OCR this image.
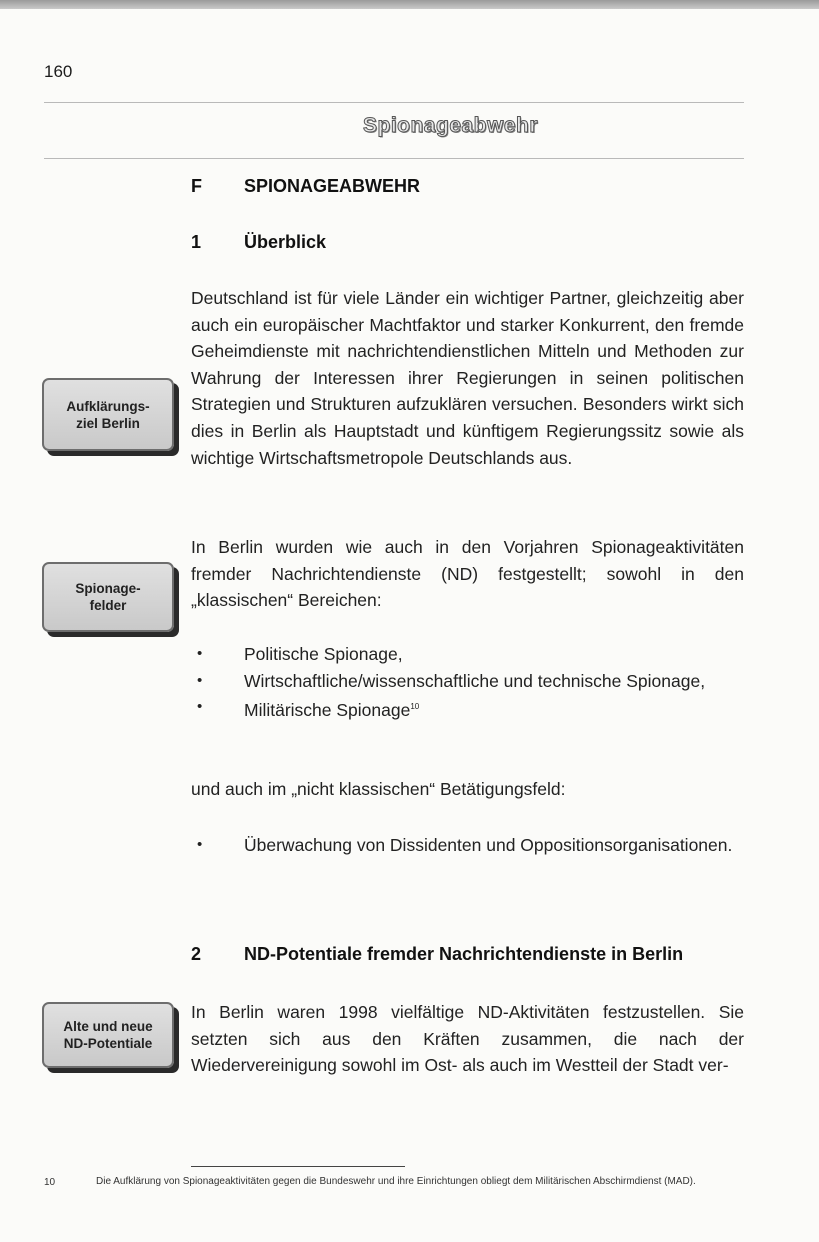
160
Spionageabwehr
F SPIONAGEABWEHR
1 Überblick

Deutschland ist für viele Länder ein wichtiger Partner, gleichzeitig aber auch ein europäischer Machtfaktor und starker Konkurrent, den fremde Geheimdienste mit nachrichtendienstlichen Mitteln und Methoden zur Wahrung der Interessen ihrer Regierungen in seinen politischen Strategien und Strukturen aufzuklären versuchen. Besonders wirkt sich dies in Berlin als Hauptstadt und künftigem Regierungssitz sowie als wichtige Wirtschaftsmetropole Deutschlands aus.

Aufklärungs-
ziel Berlin

In Berlin wurden wie auch in den Vorjahren Spionageaktivitäten fremder Nachrichtendienste (ND) festgestellt; sowohl in den „klassischen“ Bereichen:

Spionage-
felder
• Politische Spionage,
• Wirtschaftliche/wissenschaftliche und technische Spionage,
• Militärische Spionage$^{10}$

und auch im „nicht klassischen“ Betätigungsfeld:

• Überwachung von Dissidenten und Oppositionsorganisationen.
2 ND-Potentiale fremder Nachrichtendienste in Berlin

In Berlin waren 1998 vielfältige ND-Aktivitäten festzustellen. Sie setzten sich aus den Kräften zusammen, die nach der Wiedervereinigung sowohl im Ost- als auch im Westteil der Stadt ver-

Alte und neue
ND-Potentiale
10	Die Aufklärung von Spionageaktivitäten gegen die Bundeswehr und ihre Einrichtungen obliegt dem Militärischen Abschirmdienst (MAD).
